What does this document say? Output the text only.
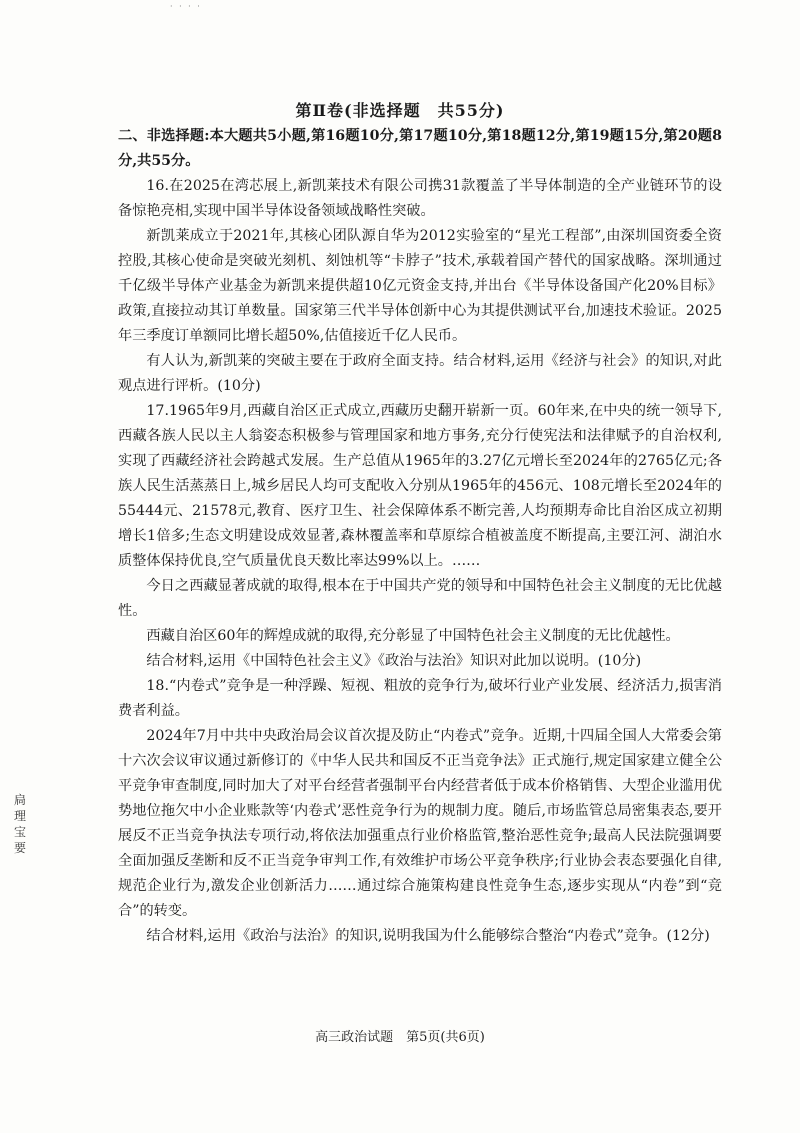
· · · ·
第Ⅱ卷(非选择题　共55分)

二、非选择题:本大题共5小题,第16题10分,第17题10分,第18题12分,第19题15分,第20题8分,共55分。

16.在2025在湾芯展上,新凯莱技术有限公司携31款覆盖了半导体制造的全产业链环节的设备惊艳亮相,实现中国半导体设备领域战略性突破。

新凯莱成立于2021年,其核心团队源自华为2012实验室的“星光工程部”,由深圳国资委全资控股,其核心使命是突破光刻机、刻蚀机等“卡脖子”技术,承载着国产替代的国家战略。深圳通过千亿级半导体产业基金为新凯来提供超10亿元资金支持,并出台《半导体设备国产化20%目标》政策,直接拉动其订单数量。国家第三代半导体创新中心为其提供测试平台,加速技术验证。2025年三季度订单额同比增长超50%,估值接近千亿人民币。

有人认为,新凯莱的突破主要在于政府全面支持。结合材料,运用《经济与社会》的知识,对此观点进行评析。(10分)

17.1965年9月,西藏自治区正式成立,西藏历史翻开崭新一页。60年来,在中央的统一领导下,西藏各族人民以主人翁姿态积极参与管理国家和地方事务,充分行使宪法和法律赋予的自治权利,实现了西藏经济社会跨越式发展。生产总值从1965年的3.27亿元增长至2024年的2765亿元;各族人民生活蒸蒸日上,城乡居民人均可支配收入分别从1965年的456元、108元增长至2024年的55444元、21578元,教育、医疗卫生、社会保障体系不断完善,人均预期寿命比自治区成立初期增长1倍多;生态文明建设成效显著,森林覆盖率和草原综合植被盖度不断提高,主要江河、湖泊水质整体保持优良,空气质量优良天数比率达99%以上。……

今日之西藏显著成就的取得,根本在于中国共产党的领导和中国特色社会主义制度的无比优越性。

西藏自治区60年的辉煌成就的取得,充分彰显了中国特色社会主义制度的无比优越性。

结合材料,运用《中国特色社会主义》《政治与法治》知识对此加以说明。(10分)

18.“内卷式”竞争是一种浮躁、短视、粗放的竞争行为,破坏行业产业发展、经济活力,损害消费者利益。

2024年7月中共中央政治局会议首次提及防止“内卷式”竞争。近期,十四届全国人大常委会第十六次会议审议通过新修订的《中华人民共和国反不正当竞争法》正式施行,规定国家建立健全公平竞争审查制度,同时加大了对平台经营者强制平台内经营者低于成本价格销售、大型企业滥用优势地位拖欠中小企业账款等‘内卷式’恶性竞争行为的规制力度。随后,市场监管总局密集表态,要开展反不正当竞争执法专项行动,将依法加强重点行业价格监管,整治恶性竞争;最高人民法院强调要全面加强反垄断和反不正当竞争审判工作,有效维护市场公平竞争秩序;行业协会表态要强化自律,规范企业行为,激发企业创新活力……通过综合施策构建良性竞争生态,逐步实现从“内卷”到“竞合”的转变。

结合材料,运用《政治与法治》的知识,说明我国为什么能够综合整治“内卷式”竞争。(12分)

扃理宝要
高三政治试题　第5页(共6页)
